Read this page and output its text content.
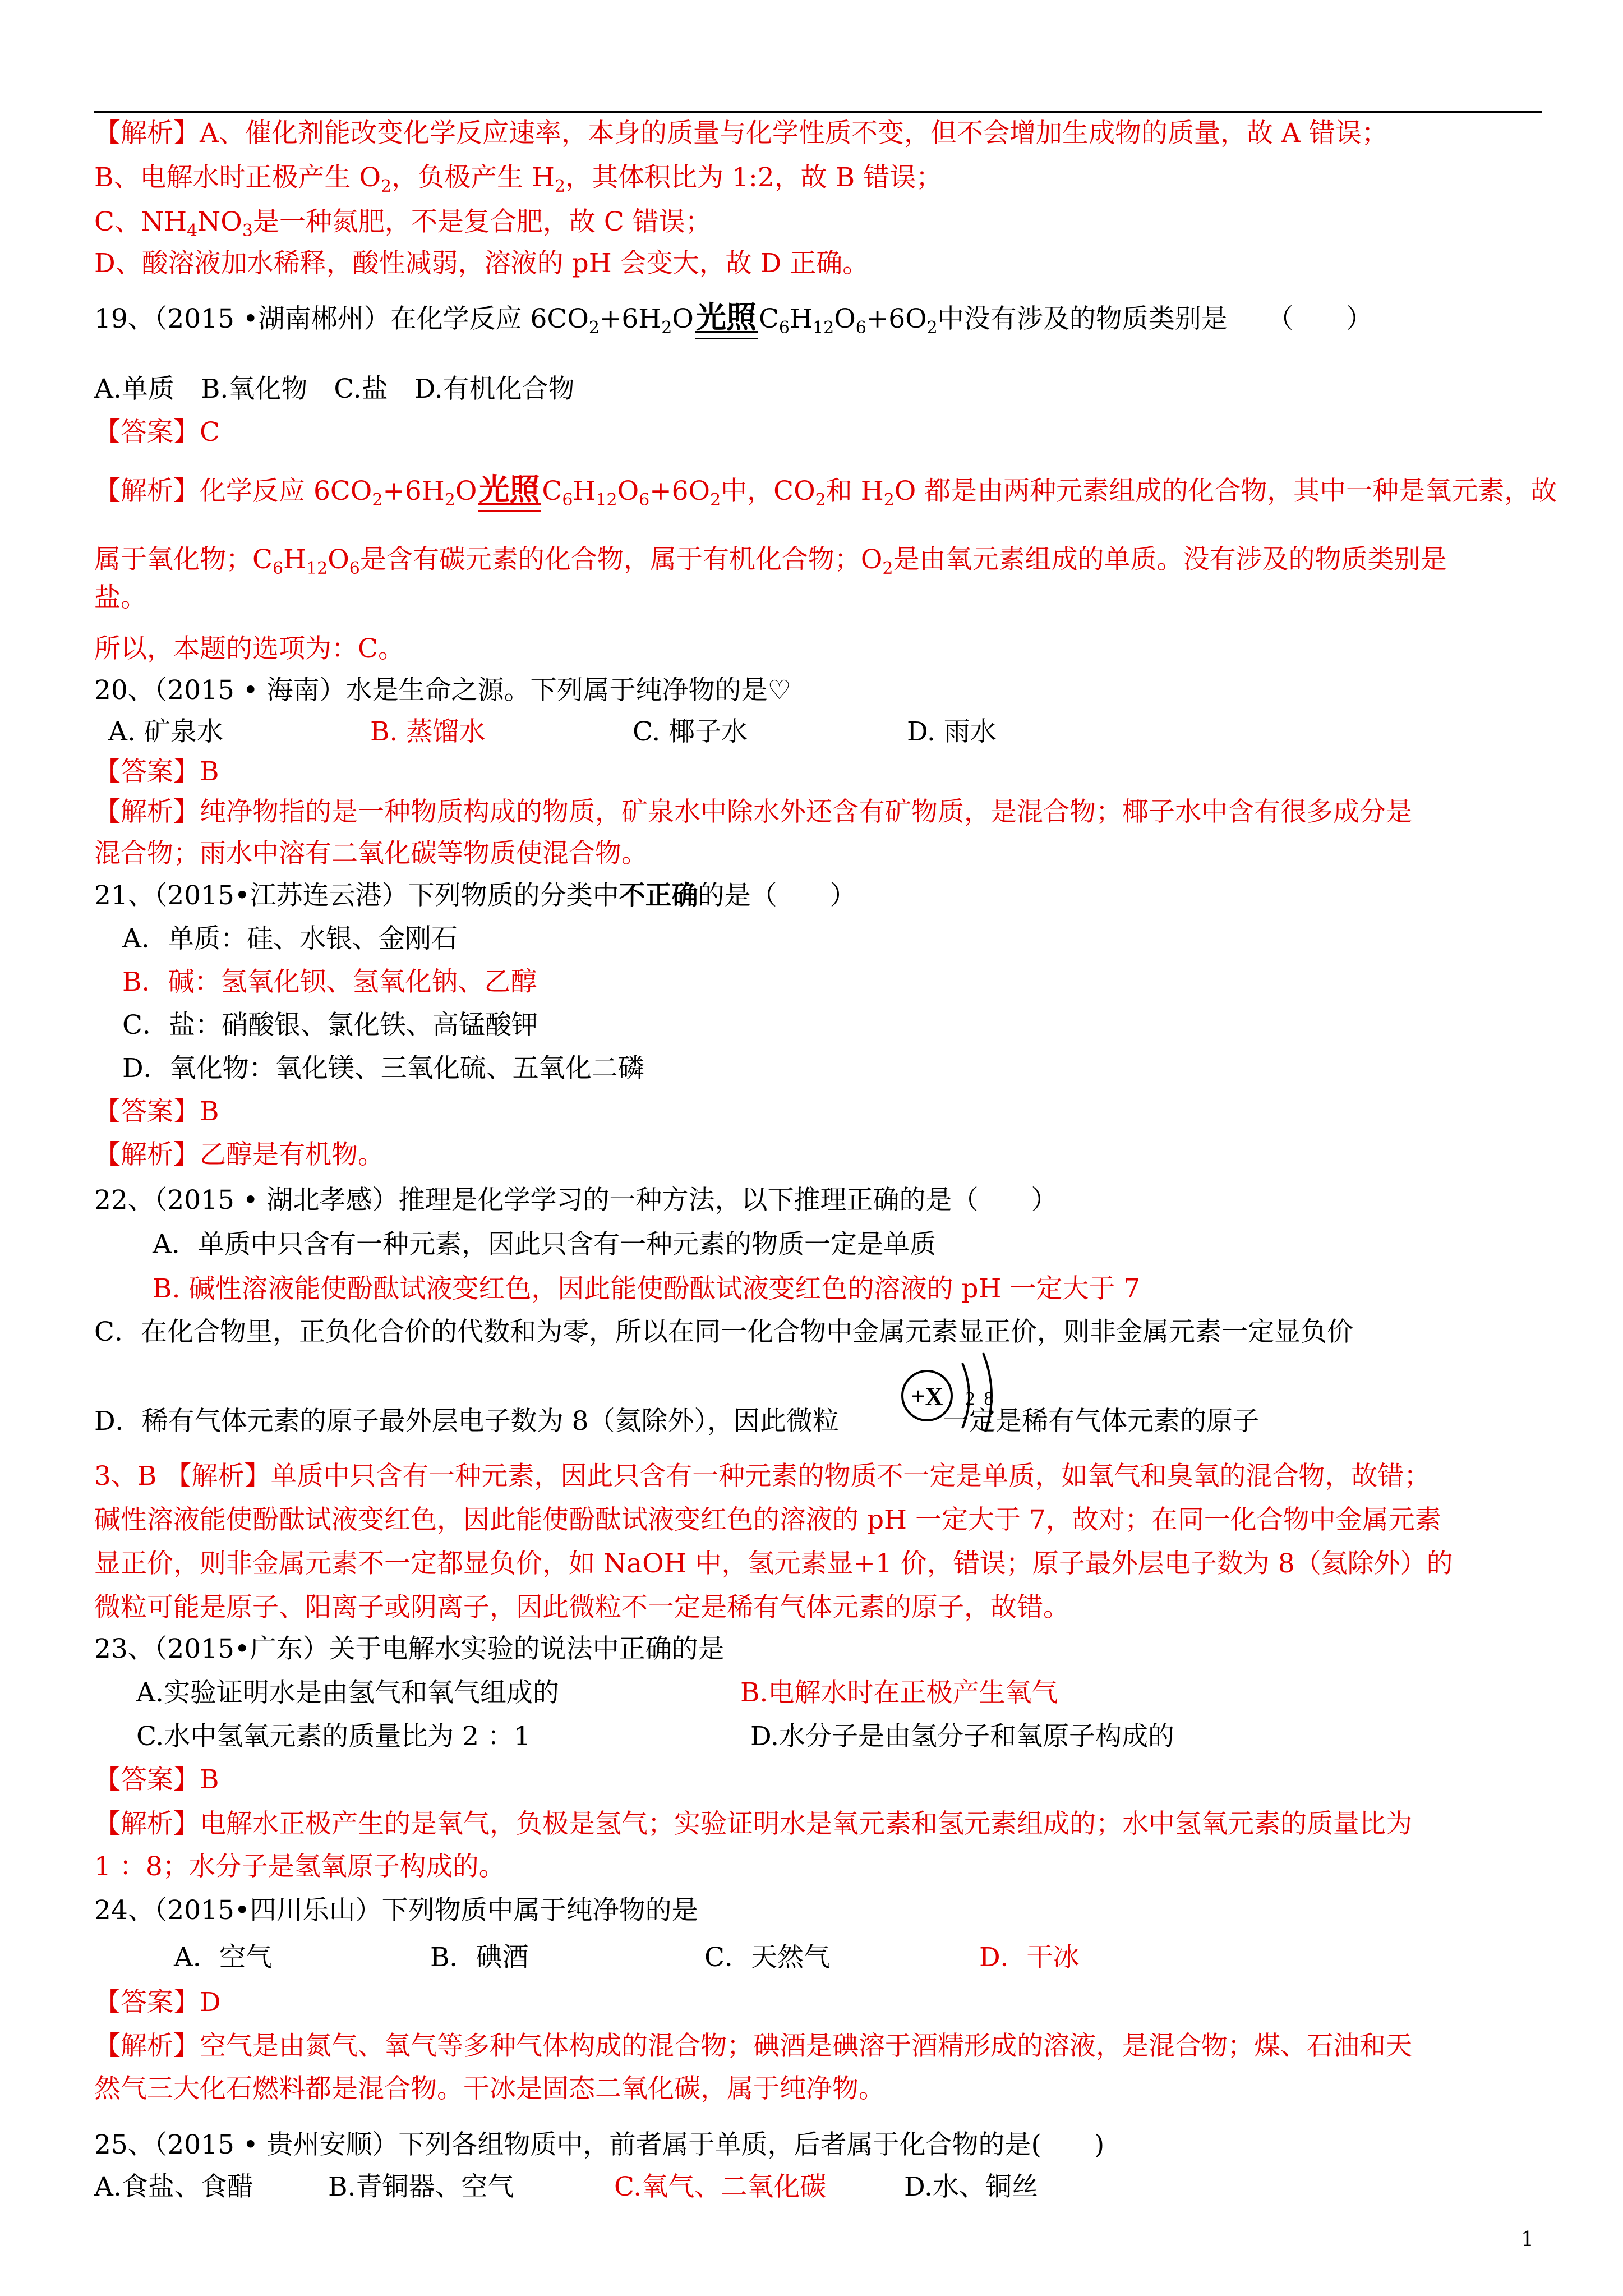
【解析】A、催化剂能改变化学反应速率，本身的质量与化学性质不变，但不会增加生成物的质量，故 A 错误；
B、电解水时正极产生 $O_2$，负极产生 $H_2$，其体积比为 1:2，故 B 错误；
C、$NH_4NO_3$是一种氮肥，不是复合肥，故 C 错误；
D、酸溶液加水稀释，酸性减弱，溶液的 pH 会变大，故 D 正确。
19、（2015 •湖南郴州）在化学反应 $6CO_2+6H_2O$光照$C_6H_{12}O_6+6O_2$中没有涉及的物质类别是　　（　　）
A.单质　B.氧化物　C.盐　D.有机化合物
【答案】C
【解析】化学反应 $6CO_2+6H_2O$光照$C_6H_{12}O_6+6O_2$中，$CO_2$和 $H_2O$ 都是由两种元素组成的化合物，其中一种是氧元素，故
属于氧化物；$C_6H_{12}O_6$是含有碳元素的化合物，属于有机化合物；$O_2$是由氧元素组成的单质。没有涉及的物质类别是
盐。
所以，本题的选项为：C。
20、（2015 • 海南）水是生命之源。下列属于纯净物的是♡
A. 矿泉水	B. 蒸馏水	C. 椰子水	D. 雨水
【答案】B
【解析】纯净物指的是一种物质构成的物质，矿泉水中除水外还含有矿物质，是混合物；椰子水中含有很多成分是
混合物；雨水中溶有二氧化碳等物质使混合物。
21、（2015•江苏连云港）下列物质的分类中不正确的是（　　）
A．单质：硅、水银、金刚石
B．碱：氢氧化钡、氢氧化钠、乙醇
C．盐：硝酸银、氯化铁、高锰酸钾
D．氧化物：氧化镁、三氧化硫、五氧化二磷
【答案】B
【解析】乙醇是有机物。
22、（2015 • 湖北孝感）推理是化学学习的一种方法，以下推理正确的是（　　）
A．单质中只含有一种元素，因此只含有一种元素的物质一定是单质
B. 碱性溶液能使酚酞试液变红色，因此能使酚酞试液变红色的溶液的 pH 一定大于 7
C．在化合物里，正负化合价的代数和为零，所以在同一化合物中金属元素显正价，则非金属元素一定显负价
+X 2 8
D．稀有气体元素的原子最外层电子数为 8（氦除外），因此微粒	一定是稀有气体元素的原子
3、B 【解析】单质中只含有一种元素，因此只含有一种元素的物质不一定是单质，如氧气和臭氧的混合物，故错；
碱性溶液能使酚酞试液变红色，因此能使酚酞试液变红色的溶液的 pH 一定大于 7，故对；在同一化合物中金属元素
显正价，则非金属元素不一定都显负价，如 NaOH 中，氢元素显+1 价，错误；原子最外层电子数为 8（氦除外）的
微粒可能是原子、阳离子或阴离子，因此微粒不一定是稀有气体元素的原子，故错。
23、（2015•广东）关于电解水实验的说法中正确的是
A.实验证明水是由氢气和氧气组成的	B.电解水时在正极产生氧气
C.水中氢氧元素的质量比为 2 ：1	D.水分子是由氢分子和氧原子构成的
【答案】B
【解析】电解水正极产生的是氧气，负极是氢气；实验证明水是氧元素和氢元素组成的；水中氢氧元素的质量比为
1 ：8；水分子是氢氧原子构成的。
24、（2015•四川乐山）下列物质中属于纯净物的是
A．空气	B．碘酒	C．天然气	D．干冰
【答案】D
【解析】空气是由氮气、氧气等多种气体构成的混合物；碘酒是碘溶于酒精形成的溶液，是混合物；煤、石油和天
然气三大化石燃料都是混合物。干冰是固态二氧化碳，属于纯净物。
25、（2015 • 贵州安顺）下列各组物质中，前者属于单质，后者属于化合物的是(　　)
A.食盐、食醋	B.青铜器、空气	C.氧气、二氧化碳	D.水、铜丝
1
